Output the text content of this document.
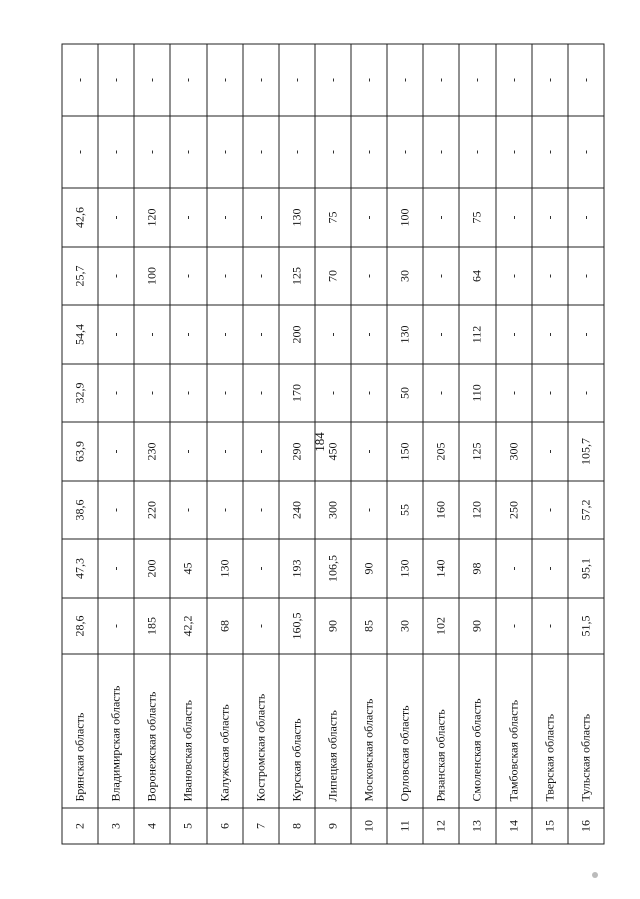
184
2	Брянская область	28,6	47,3	38,6	63,9	32,9	54,4	25,7	42,6	-	-
3	Владимирская область	-	-	-	-	-	-	-	-	-	-
4	Воронежская область	185	200	220	230	-	-	100	120	-	-
5	Ивановская область	42,2	45	-	-	-	-	-	-	-	-
6	Калужская область	68	130	-	-	-	-	-	-	-	-
7	Костромская область	-	-	-	-	-	-	-	-	-	-
8	Курская область	160,5	193	240	290	170	200	125	130	-	-
9	Липецкая область	90	106,5	300	450	-	-	70	75	-	-
10	Московская область	85	90	-	-	-	-	-	-	-	-
11	Орловская область	30	130	55	150	50	130	30	100	-	-
12	Рязанская область	102	140	160	205	-	-	-	-	-	-
13	Смоленская область	90	98	120	125	110	112	64	75	-	-
14	Тамбовская область	-	-	250	300	-	-	-	-	-	-
15	Тверская область	-	-	-	-	-	-	-	-	-	-
16	Тульская область	51,5	95,1	57,2	105,7	-	-	-	-	-	-
